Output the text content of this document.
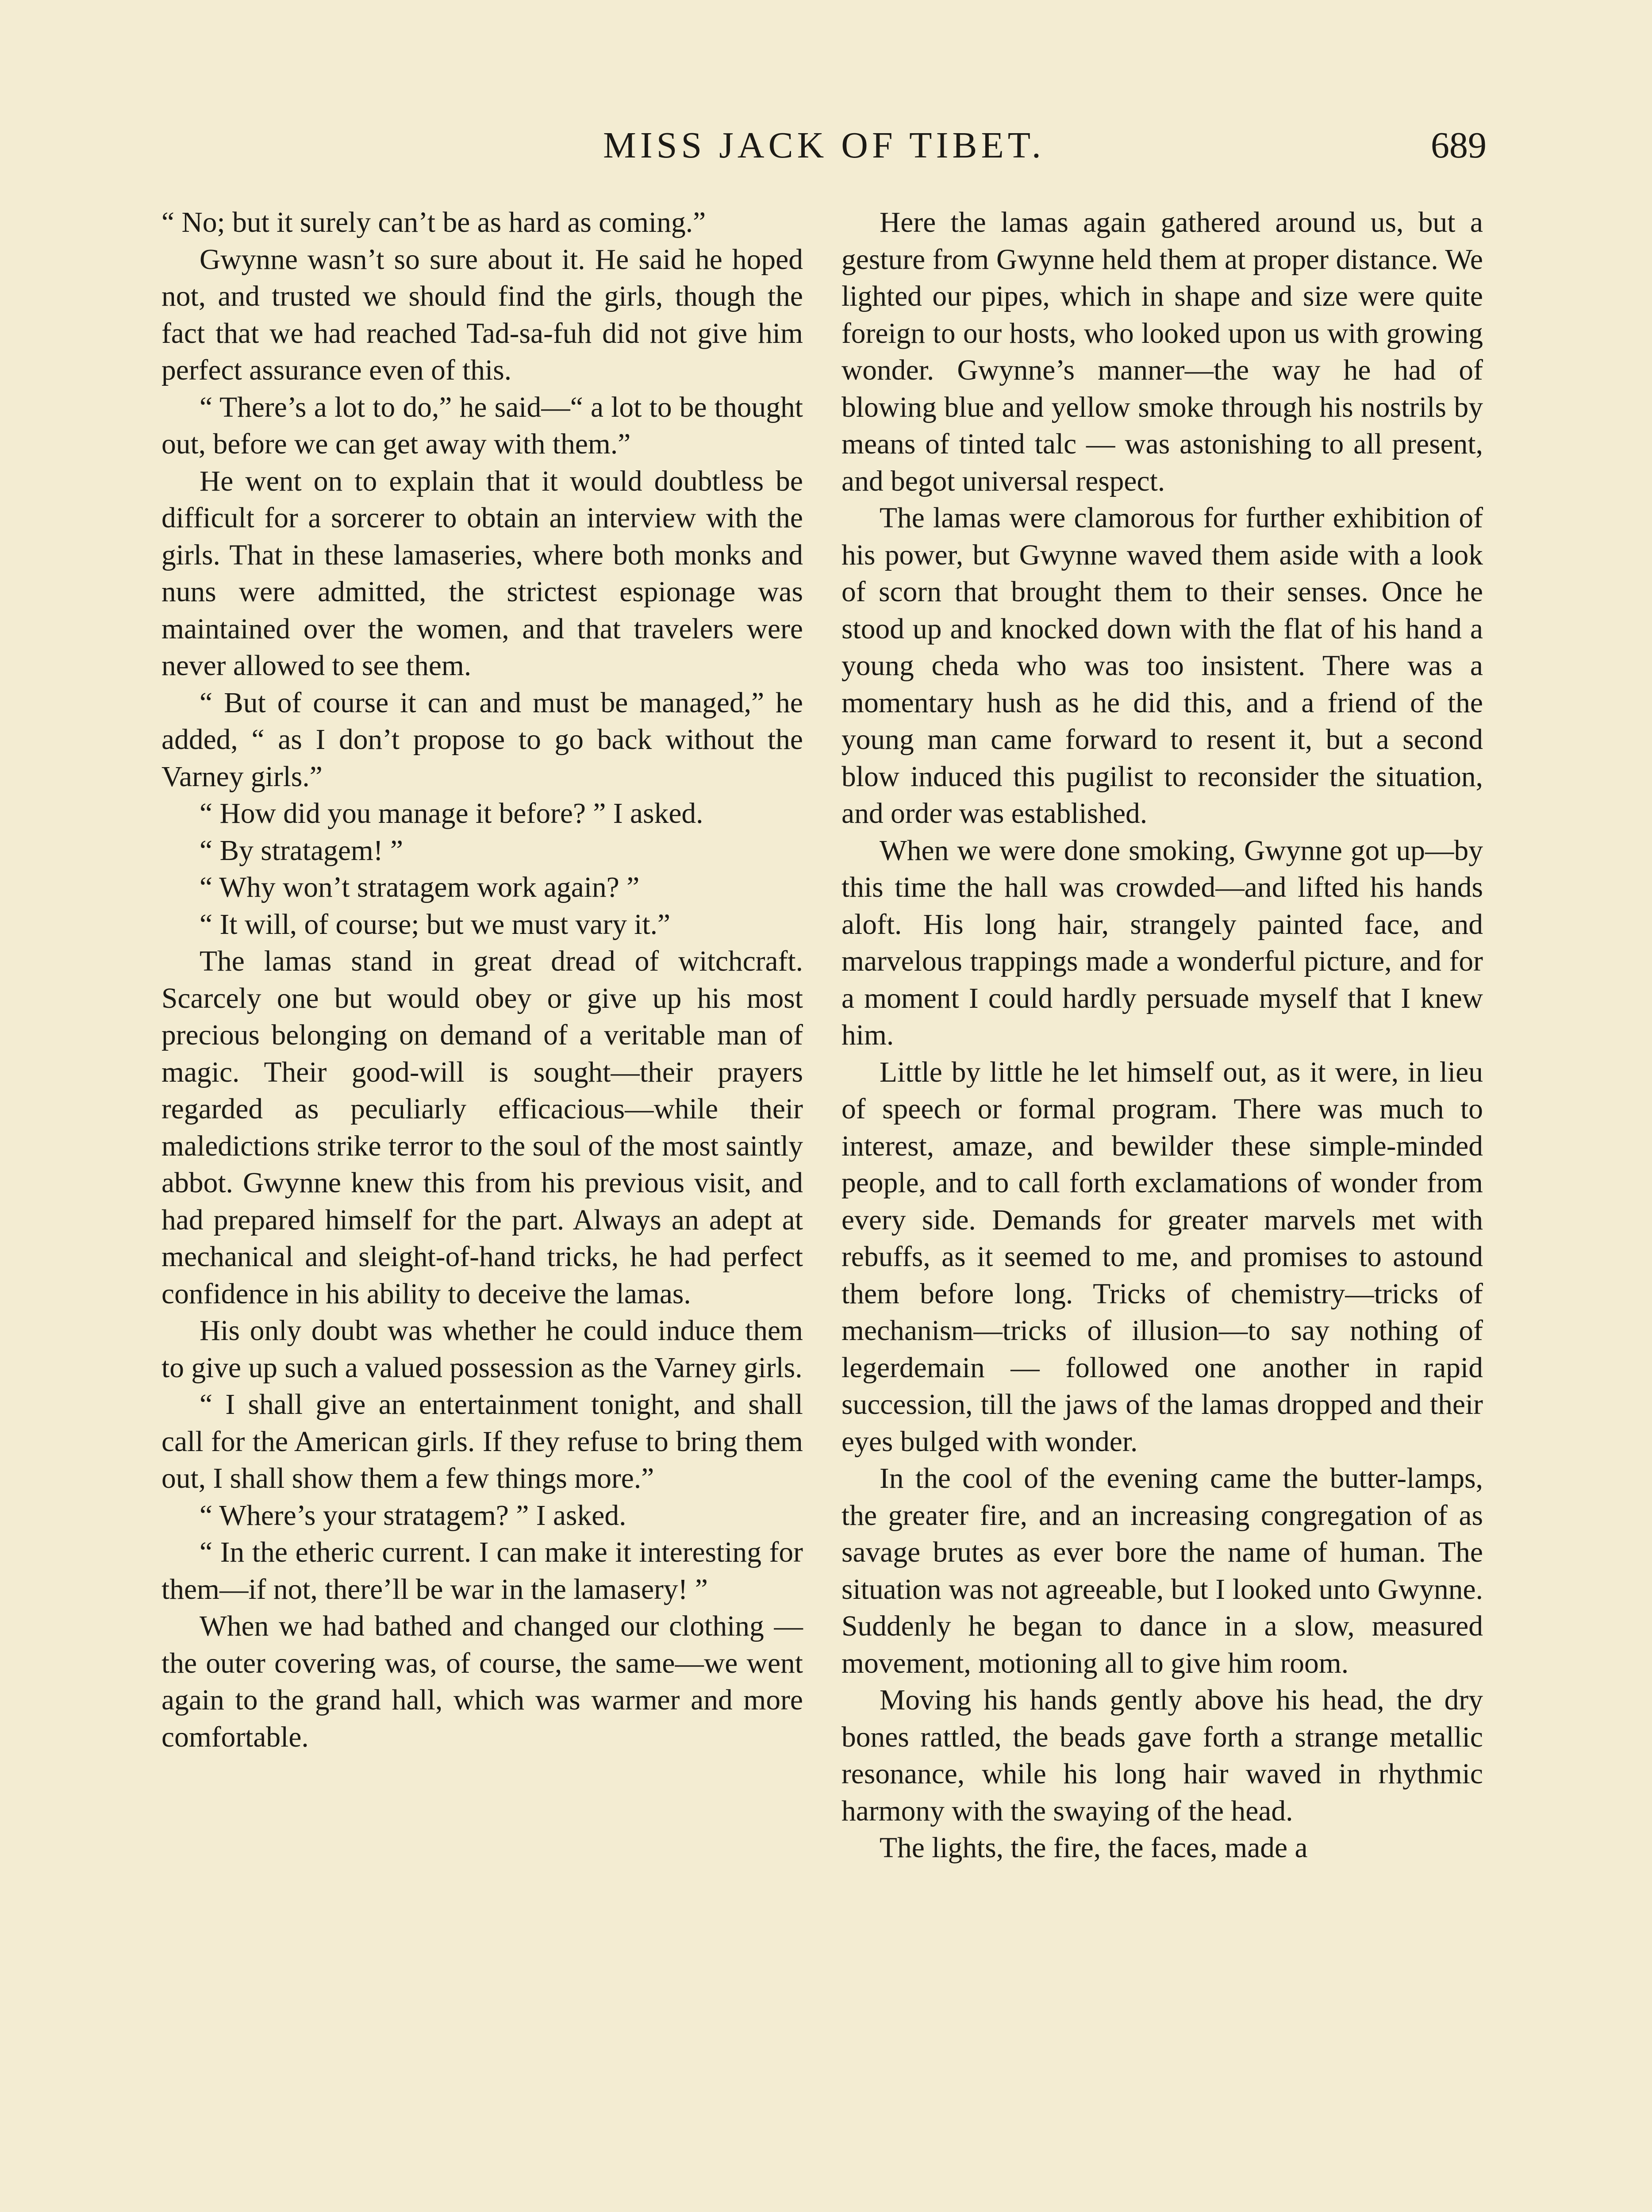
MISS JACK OF TIBET.	689

“ No; but it surely can’t be as hard as coming.”

Gwynne wasn’t so sure about it. He said he hoped not, and trusted we should find the girls, though the fact that we had reached Tad-sa-fuh did not give him perfect assurance even of this.

“ There’s a lot to do,” he said—“ a lot to be thought out, before we can get away with them.”

He went on to explain that it would doubtless be difficult for a sorcerer to obtain an interview with the girls. That in these lamaseries, where both monks and nuns were admitted, the strictest espionage was maintained over the women, and that travelers were never allowed to see them.

“ But of course it can and must be managed,” he added, “ as I don’t propose to go back without the Varney girls.”

“ How did you manage it before? ” I asked.

“ By stratagem! ”

“ Why won’t stratagem work again? ”

“ It will, of course; but we must vary it.”

The lamas stand in great dread of witchcraft. Scarcely one but would obey or give up his most precious belonging on demand of a veritable man of magic. Their good-will is sought—their prayers regarded as peculiarly efficacious—while their maledictions strike terror to the soul of the most saintly abbot. Gwynne knew this from his previous visit, and had prepared himself for the part. Always an adept at mechanical and sleight-of-hand tricks, he had perfect confidence in his ability to deceive the lamas.

His only doubt was whether he could induce them to give up such a valued possession as the Varney girls.

“ I shall give an entertainment tonight, and shall call for the American girls. If they refuse to bring them out, I shall show them a few things more.”

“ Where’s your stratagem? ” I asked.

“ In the etheric current. I can make it interesting for them—if not, there’ll be war in the lamasery! ”

When we had bathed and changed our clothing — the outer covering was, of course, the same—we went again to the grand hall, which was warmer and more comfortable.

Here the lamas again gathered around us, but a gesture from Gwynne held them at proper distance. We lighted our pipes, which in shape and size were quite foreign to our hosts, who looked upon us with growing wonder. Gwynne’s manner—the way he had of blowing blue and yellow smoke through his nostrils by means of tinted talc — was astonishing to all present, and begot universal respect.

The lamas were clamorous for further exhibition of his power, but Gwynne waved them aside with a look of scorn that brought them to their senses. Once he stood up and knocked down with the flat of his hand a young cheda who was too insistent. There was a momentary hush as he did this, and a friend of the young man came forward to resent it, but a second blow induced this pugilist to reconsider the situation, and order was established.

When we were done smoking, Gwynne got up—by this time the hall was crowded—and lifted his hands aloft. His long hair, strangely painted face, and marvelous trappings made a wonderful picture, and for a moment I could hardly persuade myself that I knew him.

Little by little he let himself out, as it were, in lieu of speech or formal program. There was much to interest, amaze, and bewilder these simple-minded people, and to call forth exclamations of wonder from every side. Demands for greater marvels met with rebuffs, as it seemed to me, and promises to astound them before long. Tricks of chemistry—tricks of mechanism—tricks of illusion—to say nothing of legerdemain — followed one another in rapid succession, till the jaws of the lamas dropped and their eyes bulged with wonder.

In the cool of the evening came the butter-lamps, the greater fire, and an increasing congregation of as savage brutes as ever bore the name of human. The situation was not agreeable, but I looked unto Gwynne. Suddenly he began to dance in a slow, measured movement, motioning all to give him room.

Moving his hands gently above his head, the dry bones rattled, the beads gave forth a strange metallic resonance, while his long hair waved in rhythmic harmony with the swaying of the head.

The lights, the fire, the faces, made a
